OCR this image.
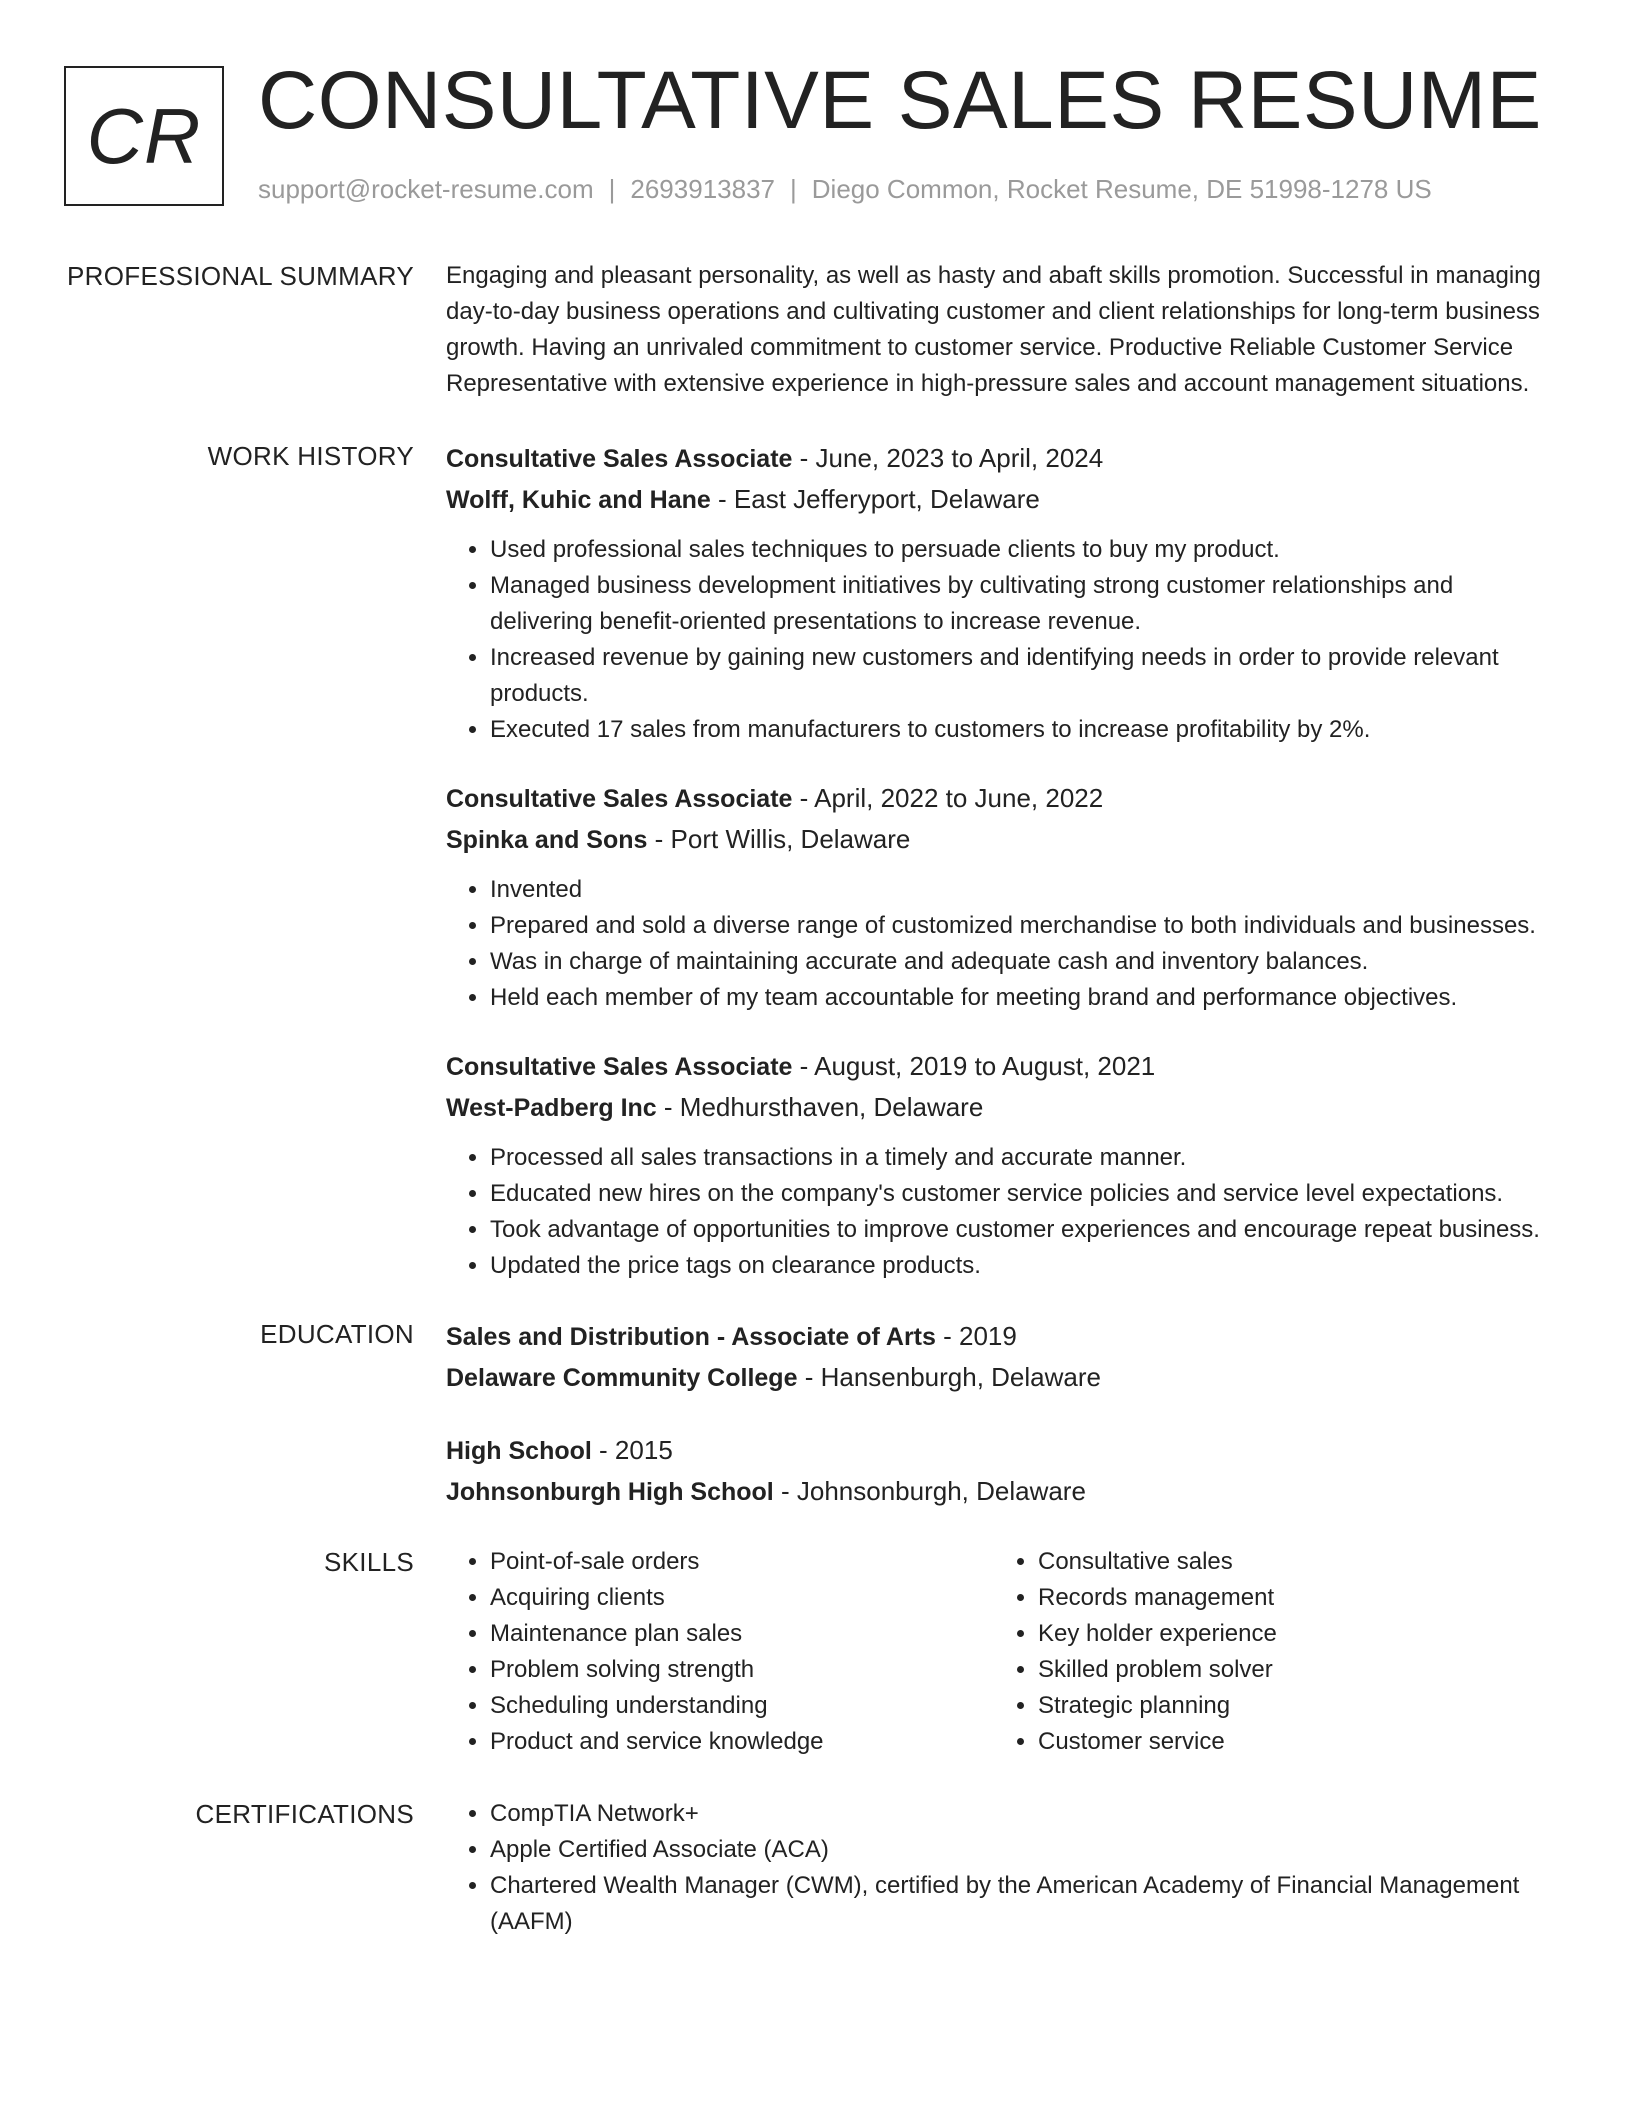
CR CONSULTATIVE SALES RESUME
support@rocket-resume.com | 2693913837 | Diego Common, Rocket Resume, DE 51998-1278 US
PROFESSIONAL SUMMARY Engaging and pleasant personality, as well as hasty and abaft skills promotion. Successful in managing day-to-day business operations and cultivating customer and client relationships for long-term business growth. Having an unrivaled commitment to customer service. Productive Reliable Customer Service Representative with extensive experience in high-pressure sales and account management situations.

WORK HISTORY Consultative Sales Associate - June, 2023 to April, 2024
Wolff, Kuhic and Hane - East Jefferyport, Delaware
• Used professional sales techniques to persuade clients to buy my product.
• Managed business development initiatives by cultivating strong customer relationships and delivering benefit-oriented presentations to increase revenue.
• Increased revenue by gaining new customers and identifying needs in order to provide relevant products.
• Executed 17 sales from manufacturers to customers to increase profitability by 2%.
Consultative Sales Associate - April, 2022 to June, 2022
Spinka and Sons - Port Willis, Delaware
• Invented
• Prepared and sold a diverse range of customized merchandise to both individuals and businesses.
• Was in charge of maintaining accurate and adequate cash and inventory balances.
• Held each member of my team accountable for meeting brand and performance objectives.
Consultative Sales Associate - August, 2019 to August, 2021
West-Padberg Inc - Medhursthaven, Delaware
• Processed all sales transactions in a timely and accurate manner.
• Educated new hires on the company's customer service policies and service level expectations.
• Took advantage of opportunities to improve customer experiences and encourage repeat business.
• Updated the price tags on clearance products.
EDUCATION Sales and Distribution - Associate of Arts - 2019
Delaware Community College - Hansenburgh, Delaware
High School - 2015
Johnsonburgh High School - Johnsonburgh, Delaware
SKILLS	• Point-of-sale orders
• Acquiring clients
• Maintenance plan sales
• Problem solving strength
• Scheduling understanding
• Product and service knowledge
• Consultative sales
• Records management
• Key holder experience
• Skilled problem solver
• Strategic planning
• Customer service
CERTIFICATIONS	• CompTIA Network+
• Apple Certified Associate (ACA)
• Chartered Wealth Manager (CWM), certified by the American Academy of Financial Management (AAFM)
